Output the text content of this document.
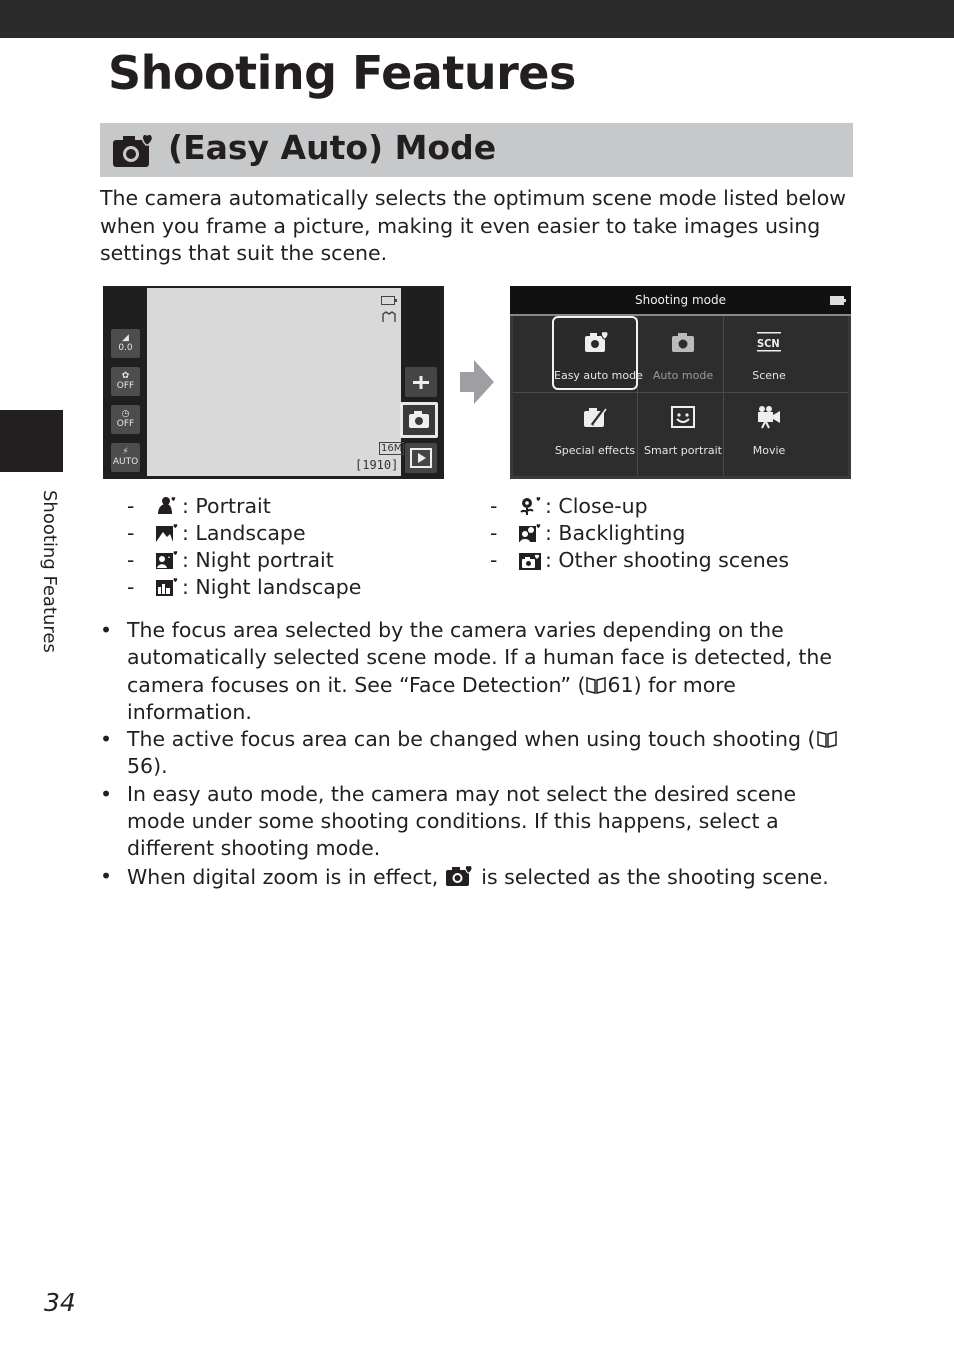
Shooting Features
Shooting Features
(Easy Auto) Mode

The camera automatically selects the optimum scene mode listed below when you frame a picture, making it even easier to take images using settings that suit the scene.

16M
[1910]
◢
0.0
✿
OFF
◷
OFF
⚡
AUTO
Shooting mode
Easy auto mode Auto mode
SCN
Scene
Special effects Smart portrait	Movie
- : Portrait
- : Landscape
- : Night portrait
- : Night landscape
- : Close-up
- : Backlighting
- : Other shooting scenes
• The focus area selected by the camera varies depending on the automatically selected scene mode. If a human face is detected, the camera focuses on it. See “Face Detection” ( 61) for more information.
• The active focus area can be changed when using touch shooting (56).
• In easy auto mode, the camera may not select the desired scene mode under some shooting conditions. If this happens, select a different shooting mode.
• When digital zoom is in effect,  is selected as the shooting scene.
34
